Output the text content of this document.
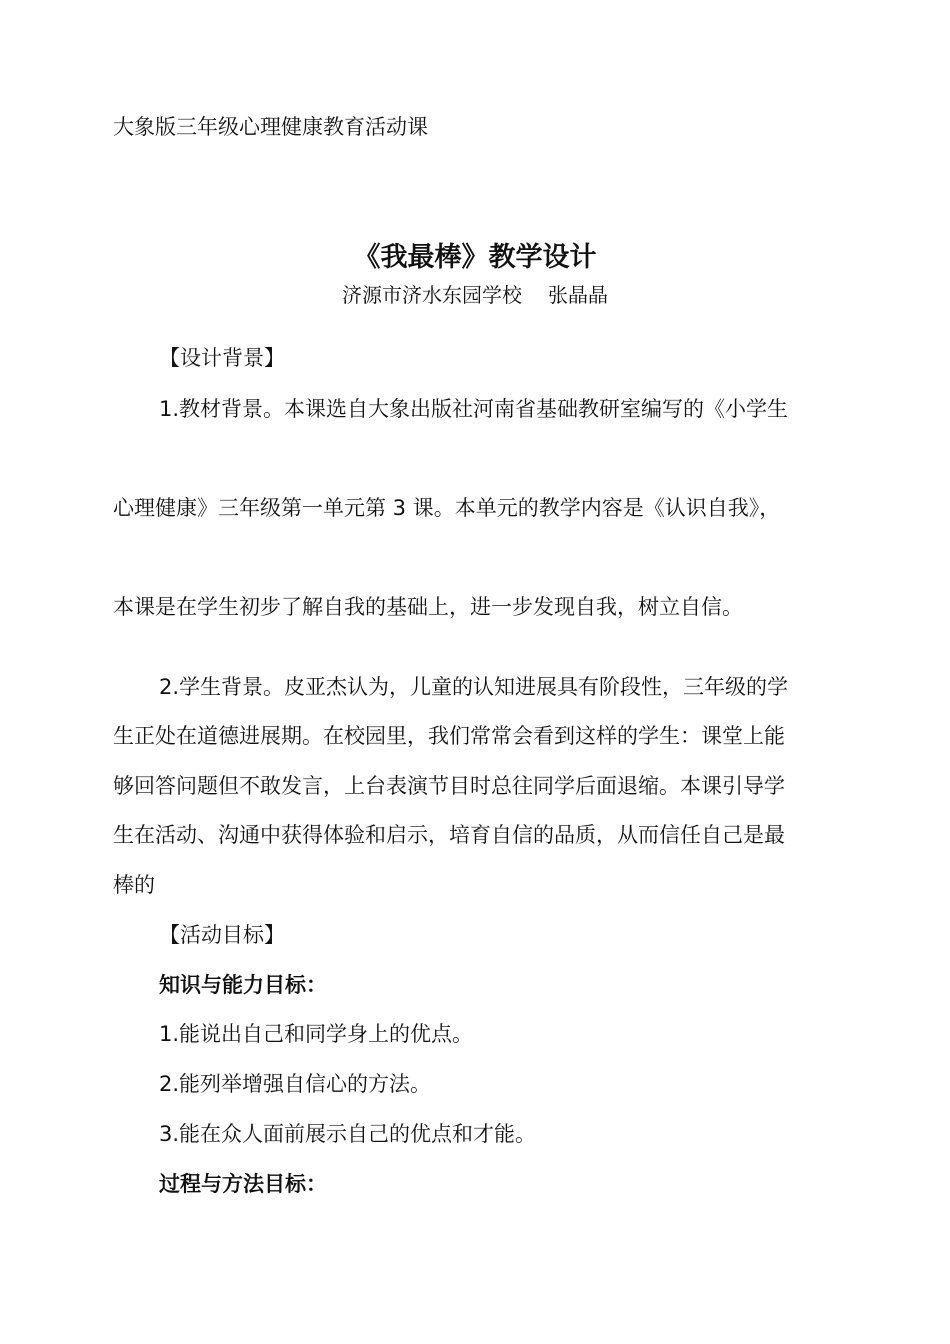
大象版三年级心理健康教育活动课

《我最棒》教学设计

济源市济水东园学校 张晶晶

【设计背景】

1.教材背景。本课选自大象出版社河南省基础教研室编写的《小学生

心理健康》三年级第一单元第 3 课。本单元的教学内容是《认识自我》，

本课是在学生初步了解自我的基础上，进一步发现自我，树立自信。

2.学生背景。皮亚杰认为，儿童的认知进展具有阶段性，三年级的学

生正处在道德进展期。在校园里，我们常常会看到这样的学生：课堂上能

够回答问题但不敢发言，上台表演节目时总往同学后面退缩。本课引导学

生在活动、沟通中获得体验和启示，培育自信的品质，从而信任自己是最

棒的

【活动目标】

知识与能力目标：

1.能说出自己和同学身上的优点。

2.能列举增强自信心的方法。

3.能在众人面前展示自己的优点和才能。

过程与方法目标：
